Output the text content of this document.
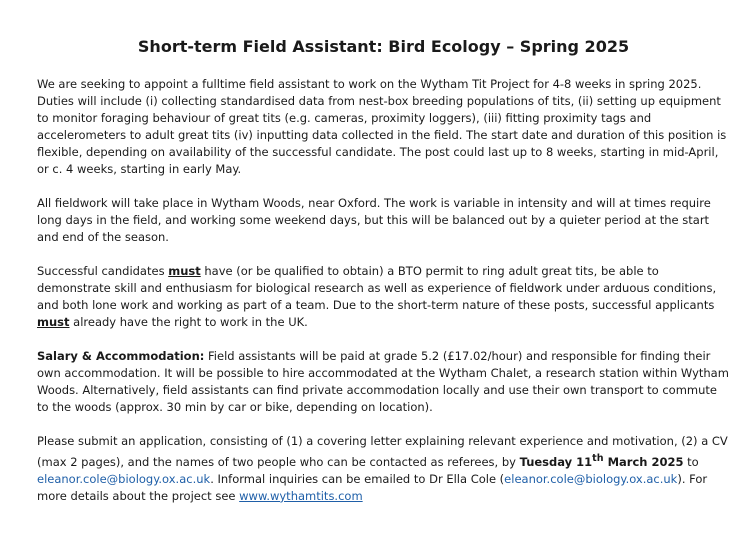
Short-term Field Assistant: Bird Ecology – Spring 2025

We are seeking to appoint a fulltime field assistant to work on the Wytham Tit Project for 4-8 weeks in spring 2025. Duties will include (i) collecting standardised data from nest-box breeding populations of tits, (ii) setting up equipment to monitor foraging behaviour of great tits (e.g. cameras, proximity loggers), (iii) fitting proximity tags and accelerometers to adult great tits (iv) inputting data collected in the field. The start date and duration of this position is flexible, depending on availability of the successful candidate. The post could last up to 8 weeks, starting in mid-April, or c. 4 weeks, starting in early May.

All fieldwork will take place in Wytham Woods, near Oxford. The work is variable in intensity and will at times require long days in the field, and working some weekend days, but this will be balanced out by a quieter period at the start and end of the season.

Successful candidates must have (or be qualified to obtain) a BTO permit to ring adult great tits, be able to demonstrate skill and enthusiasm for biological research as well as experience of fieldwork under arduous conditions, and both lone work and working as part of a team. Due to the short-term nature of these posts, successful applicants must already have the right to work in the UK.

Salary & Accommodation: Field assistants will be paid at grade 5.2 (£17.02/hour) and responsible for finding their own accommodation. It will be possible to hire accommodated at the Wytham Chalet, a research station within Wytham Woods. Alternatively, field assistants can find private accommodation locally and use their own transport to commute to the woods (approx. 30 min by car or bike, depending on location).

Please submit an application, consisting of (1) a covering letter explaining relevant experience and motivation, (2) a CV (max 2 pages), and the names of two people who can be contacted as referees, by Tuesday 11th March 2025 to eleanor.cole@biology.ox.ac.uk. Informal inquiries can be emailed to Dr Ella Cole (eleanor.cole@biology.ox.ac.uk). For more details about the project see www.wythamtits.com
